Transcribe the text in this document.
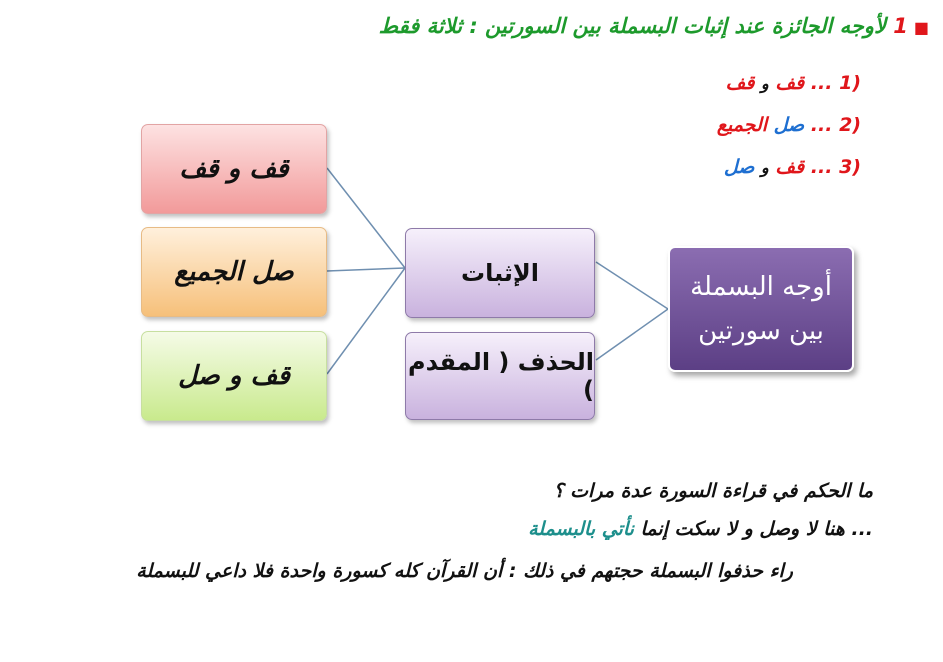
■1 لأوجه الجائزة عند إثبات البسملة بين السورتين : ثلاثة فقط
(1 ... قف و قف
(2 ... صل الجميع
(3 ... قف و صل
قف و قف
صل الجميع
قف و صل
الإثبات
الحذف ( المقدم )
أوجه البسملة
بين سورتين
ما الحكم في قراءة السورة عدة مرات ؟
... هنا لا وصل و لا سكت إنما نأتي بالبسملة
راء حذفوا البسملة حجتهم في ذلك : أن القرآن كله كسورة واحدة فلا داعي للبسملة
